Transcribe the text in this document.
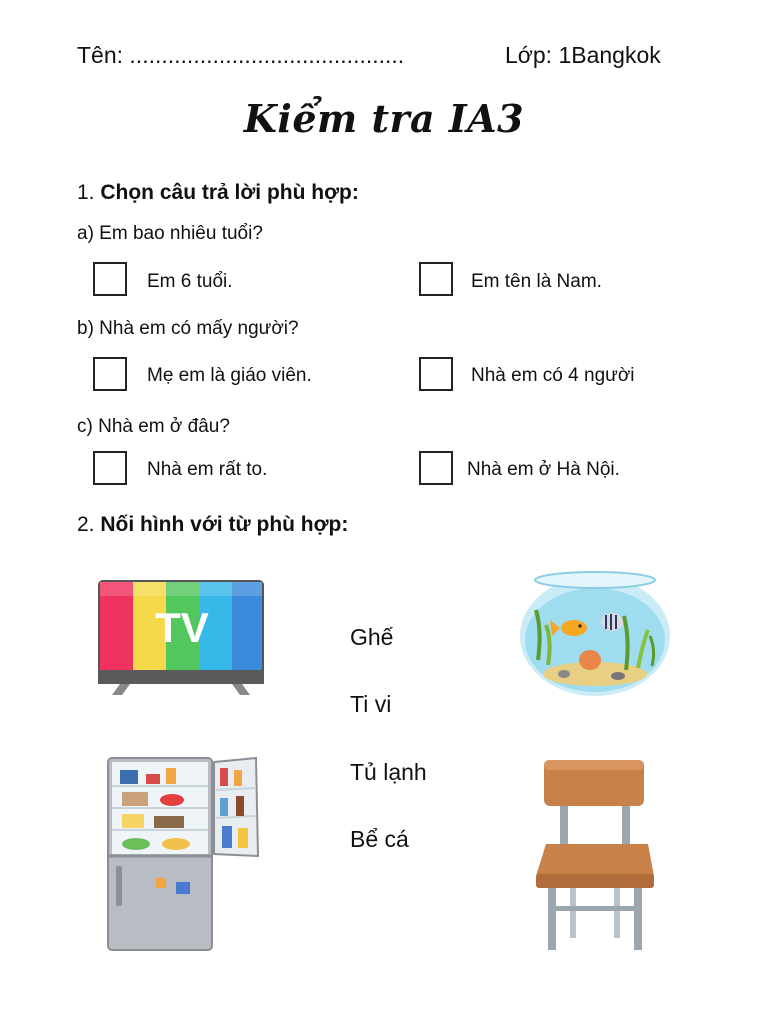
Tên: ...........................................	Lớp: 1Bangkok
Kiểm tra IA3
1. Chọn câu trả lời phù hợp:
a) Em bao nhiêu tuổi?
Em 6 tuổi.	Em tên là Nam.
b) Nhà em có mấy người?
Mẹ em là giáo viên.	Nhà em có 4 người
c) Nhà em ở đâu?
Nhà em rất to.	Nhà em ở Hà Nội.
2. Nối hình với từ phù hợp:
Ghế
Ti vi
Tủ lạnh
Bể cá
TV
